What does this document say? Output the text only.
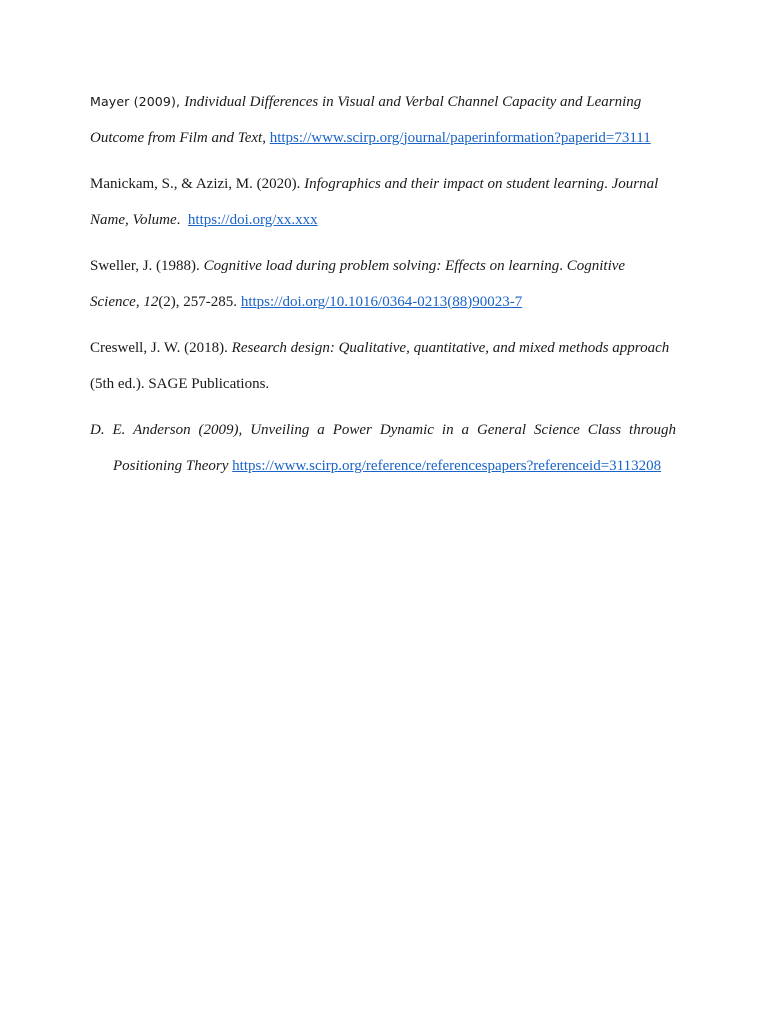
Mayer (2009), Individual Differences in Visual and Verbal Channel Capacity and Learning Outcome from Film and Text, https://www.scirp.org/journal/paperinformation?paperid=73111

Manickam, S., & Azizi, M. (2020). Infographics and their impact on student learning. Journal Name, Volume.  https://doi.org/xx.xxx

Sweller, J. (1988). Cognitive load during problem solving: Effects on learning. Cognitive Science, 12(2), 257-285. https://doi.org/10.1016/0364-0213(88)90023-7

Creswell, J. W. (2018). Research design: Qualitative, quantitative, and mixed methods approach (5th ed.). SAGE Publications.

D. E. Anderson (2009), Unveiling a Power Dynamic in a General Science Class through Positioning Theory https://www.scirp.org/reference/referencespapers?referenceid=3113208
